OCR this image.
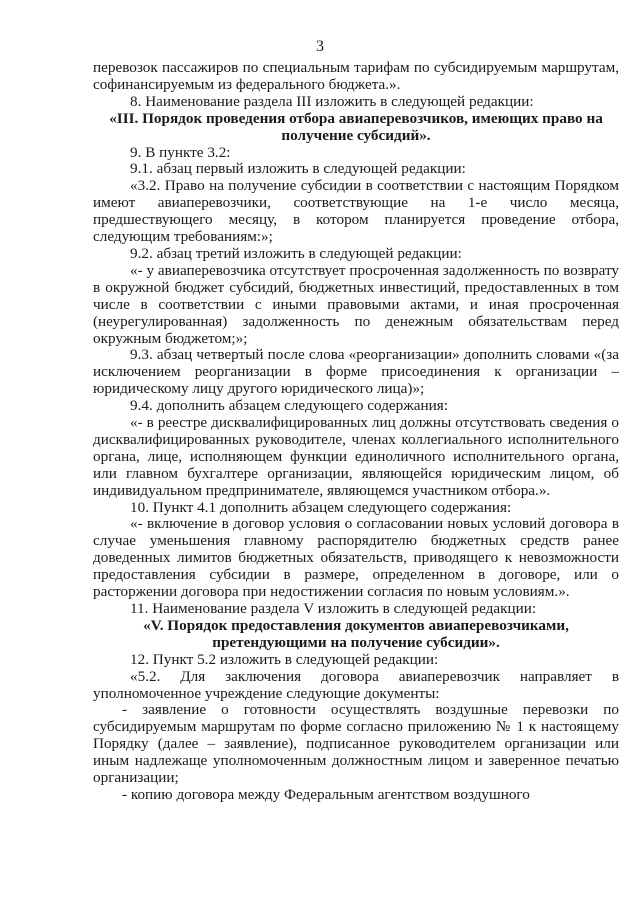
3

перевозок пассажиров по специальным тарифам по субсидируемым маршрутам, софинансируемым из федерального бюджета.».

8. Наименование раздела III изложить в следующей редакции:

«III. Порядок проведения отбора авиаперевозчиков, имеющих право на получение субсидий».

9. В пункте 3.2:

9.1. абзац первый изложить в следующей редакции:

«3.2. Право на получение субсидии в соответствии с настоящим Порядком имеют авиаперевозчики, соответствующие на 1-е число месяца, предшествующего месяцу, в котором планируется проведение отбора, следующим требованиям:»;

9.2. абзац третий изложить в следующей редакции:

«- у авиаперевозчика отсутствует просроченная задолженность по возврату в окружной бюджет субсидий, бюджетных инвестиций, предоставленных в том числе в соответствии с иными правовыми актами, и иная просроченная (неурегулированная) задолженность по денежным обязательствам перед окружным бюджетом;»;

9.3. абзац четвертый после слова «реорганизации» дополнить словами «(за исключением реорганизации в форме присоединения к организации – юридическому лицу другого юридического лица)»;

9.4. дополнить абзацем следующего содержания:

«- в реестре дисквалифицированных лиц должны отсутствовать сведения о дисквалифицированных руководителе, членах коллегиального исполнительного органа, лице, исполняющем функции единоличного исполнительного органа, или главном бухгалтере организации, являющейся юридическим лицом, об индивидуальном предпринимателе, являющемся участником отбора.».

10. Пункт 4.1 дополнить абзацем следующего содержания:

«- включение в договор условия о согласовании новых условий договора в случае уменьшения главному распорядителю бюджетных средств ранее доведенных лимитов бюджетных обязательств, приводящего к невозможности предоставления субсидии в размере, определенном в договоре, или о расторжении договора при недостижении согласия по новым условиям.».

11. Наименование раздела V изложить в следующей редакции:

«V. Порядок предоставления документов авиаперевозчиками, претендующими на получение субсидии».

12. Пункт 5.2 изложить в следующей редакции:

«5.2. Для заключения договора авиаперевозчик направляет в уполномоченное учреждение следующие документы:

- заявление о готовности осуществлять воздушные перевозки по субсидируемым маршрутам по форме согласно приложению № 1 к настоящему Порядку (далее – заявление), подписанное руководителем организации или иным надлежаще уполномоченным должностным лицом и заверенное печатью организации;

- копию договора между Федеральным агентством воздушного
